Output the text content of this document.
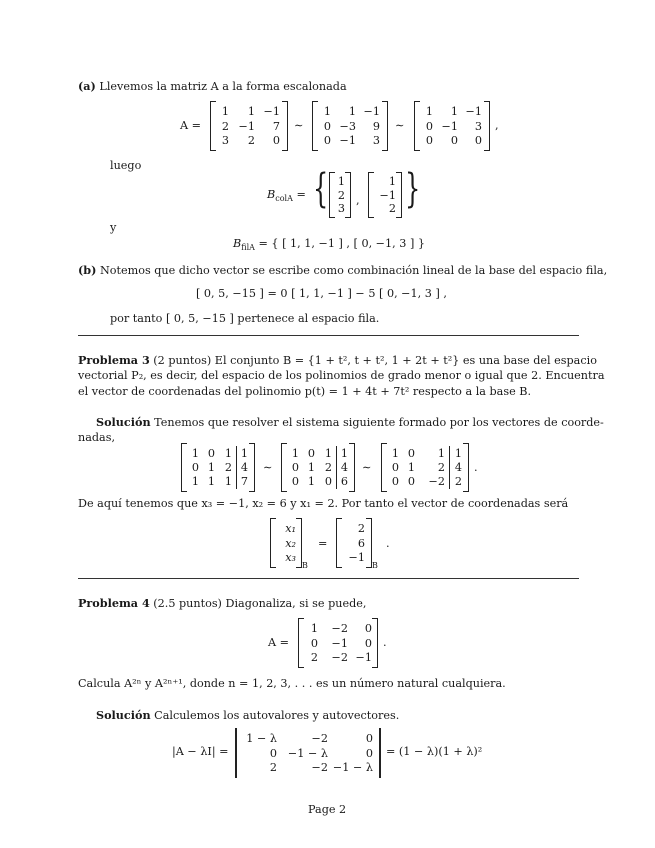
(a) Llevemos la matriz A a la forma escalonada
A =
1 1 −1
2 −1 7
3 2 0
∼
1 1 −1
0 −3 9
0 −1 3
∼
1 1 −1
0 −1 3
0 0 0
,
luego
$B_{colA}$ = { 1
2
3
,
1
−1
2 }
y
$B_{filA}$ = { [ 1, 1, −1 ] , [ 0, −1, 3 ] }
(b) Notemos que dicho vector se escribe como combinación lineal de la base del espacio fila,
[ 0, 5, −15 ] = 0 [ 1, 1, −1 ] − 5 [ 0, −1, 3 ] ,
por tanto [ 0, 5, −15 ] pertenece al espacio fila.
Problema 3 (2 puntos) El conjunto B = {1 + t², t + t², 1 + 2t + t²} es una base del espacio
vectorial P₂, es decir, del espacio de los polinomios de grado menor o igual que 2. Encuentra
el vector de coordenadas del polinomio p(t) = 1 + 4t + 7t² respecto a la base B.
Solución Tenemos que resolver el sistema siguiente formado por los vectores de coorde-
nadas,
1 0 1 1
0 1 2 4
1 1 1 7
∼
1 0 1 1
0 1 2 4
0 1 0 6
∼
1 0 1 1
0 1 2 4
0 0 −2 2
.
De aquí tenemos que x₃ = −1, x₂ = 6 y x₁ = 2. Por tanto el vector de coordenadas será
x₁
x₂
x₃
B
=
2
6
−1
B
.
Problema 4 (2.5 puntos) Diagonaliza, si se puede,
A =
1 −2 0
0 −1 0
2 −2 −1
.
Calcula A²ⁿ y A²ⁿ⁺¹, donde n = 1, 2, 3, . . . es un número natural cualquiera.
Solución Calculemos los autovalores y autovectores.
|A − λI| =
1 − λ	−2	0
0 −1 − λ	0
2	−2 −1 − λ
= (1 − λ)(1 + λ)²
Page 2
